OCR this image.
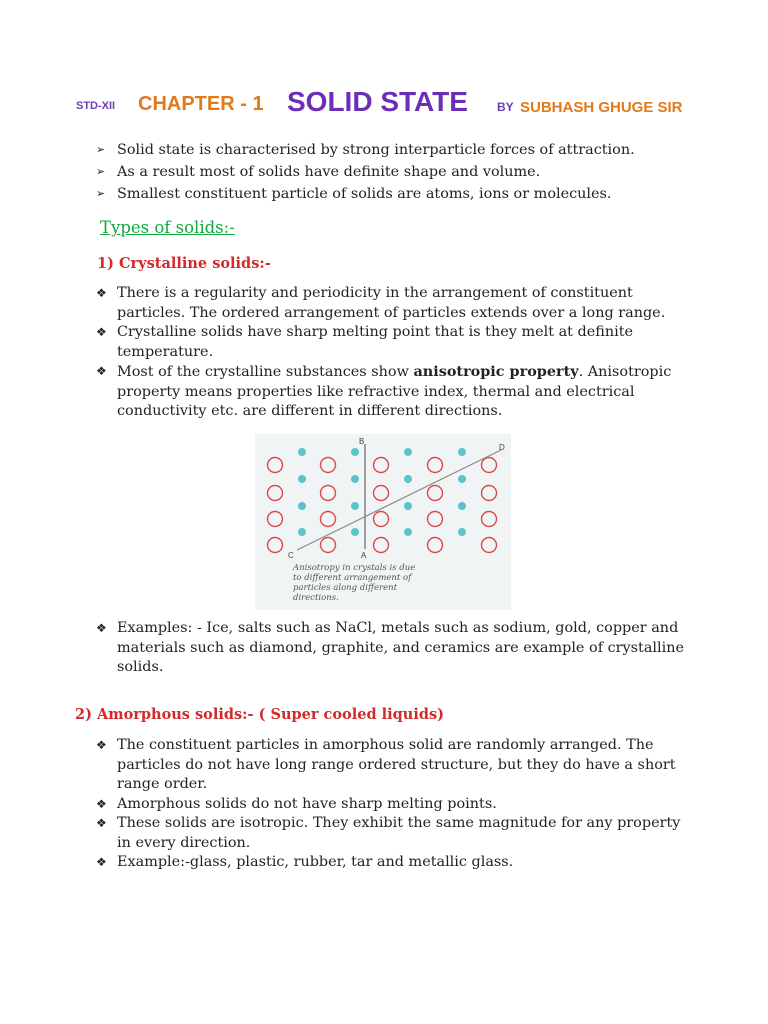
STD-XII CHAPTER - 1 SOLID STATE BY SUBHASH GHUGE SIR
➢ Solid state is characterised by strong interparticle forces of attraction.
➢ As a result most of solids have definite shape and volume.
➢ Smallest constituent particle of solids are atoms, ions or molecules.
Types of solids:-
1) Crystalline solids:-
❖ There is a regularity and periodicity in the arrangement of constituent particles. The ordered arrangement of particles extends over a long range.
❖ Crystalline solids have sharp melting point that is they melt at definite temperature.
❖ Most of the crystalline substances show anisotropic property. Anisotropic property means properties like refractive index, thermal and electrical conductivity etc. are different in different directions.
B
A
C
D
Anisotropy in crystals is due
to different arrangement of
particles along different
directions.
❖ Examples: - Ice, salts such as NaCl, metals such as sodium, gold, copper and materials such as diamond, graphite, and ceramics are example of crystalline solids.
2) Amorphous solids:- ( Super cooled liquids)
❖ The constituent particles in amorphous solid are randomly arranged. The particles do not have long range ordered structure, but they do have a short range order.
❖ Amorphous solids do not have sharp melting points.
❖ These solids are isotropic. They exhibit the same magnitude for any property in every direction.
❖ Example:-glass, plastic, rubber, tar and metallic glass.
